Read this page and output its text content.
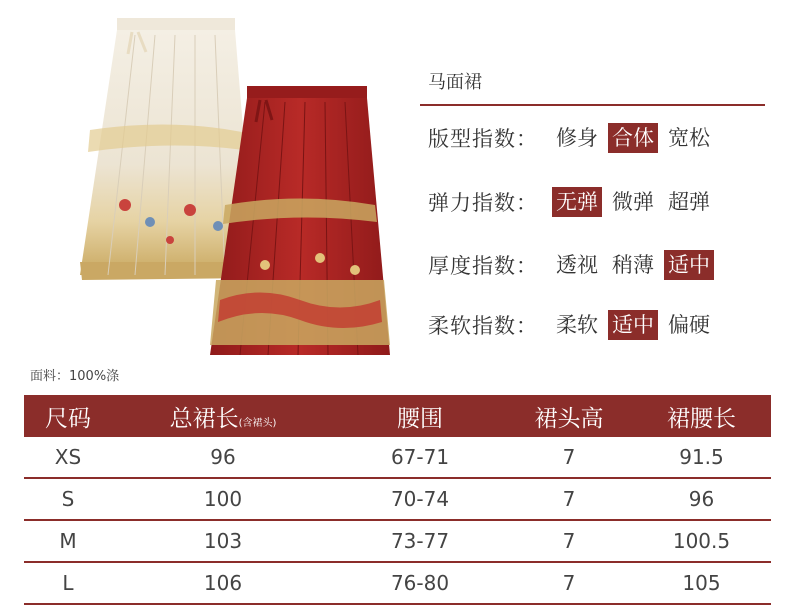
马面裙
版型指数： 修身 合体 宽松
弹力指数： 无弹 微弹 超弹
厚度指数： 透视 稍薄 适中
柔软指数： 柔软 适中 偏硬
面料：100%涤
尺码	总裙长(含裙头)	腰围	裙头高	裙腰长
XS	96	67-71	7	91.5
S	100	70-74	7	96
M	103	73-77	7	100.5
L	106	76-80	7	105
